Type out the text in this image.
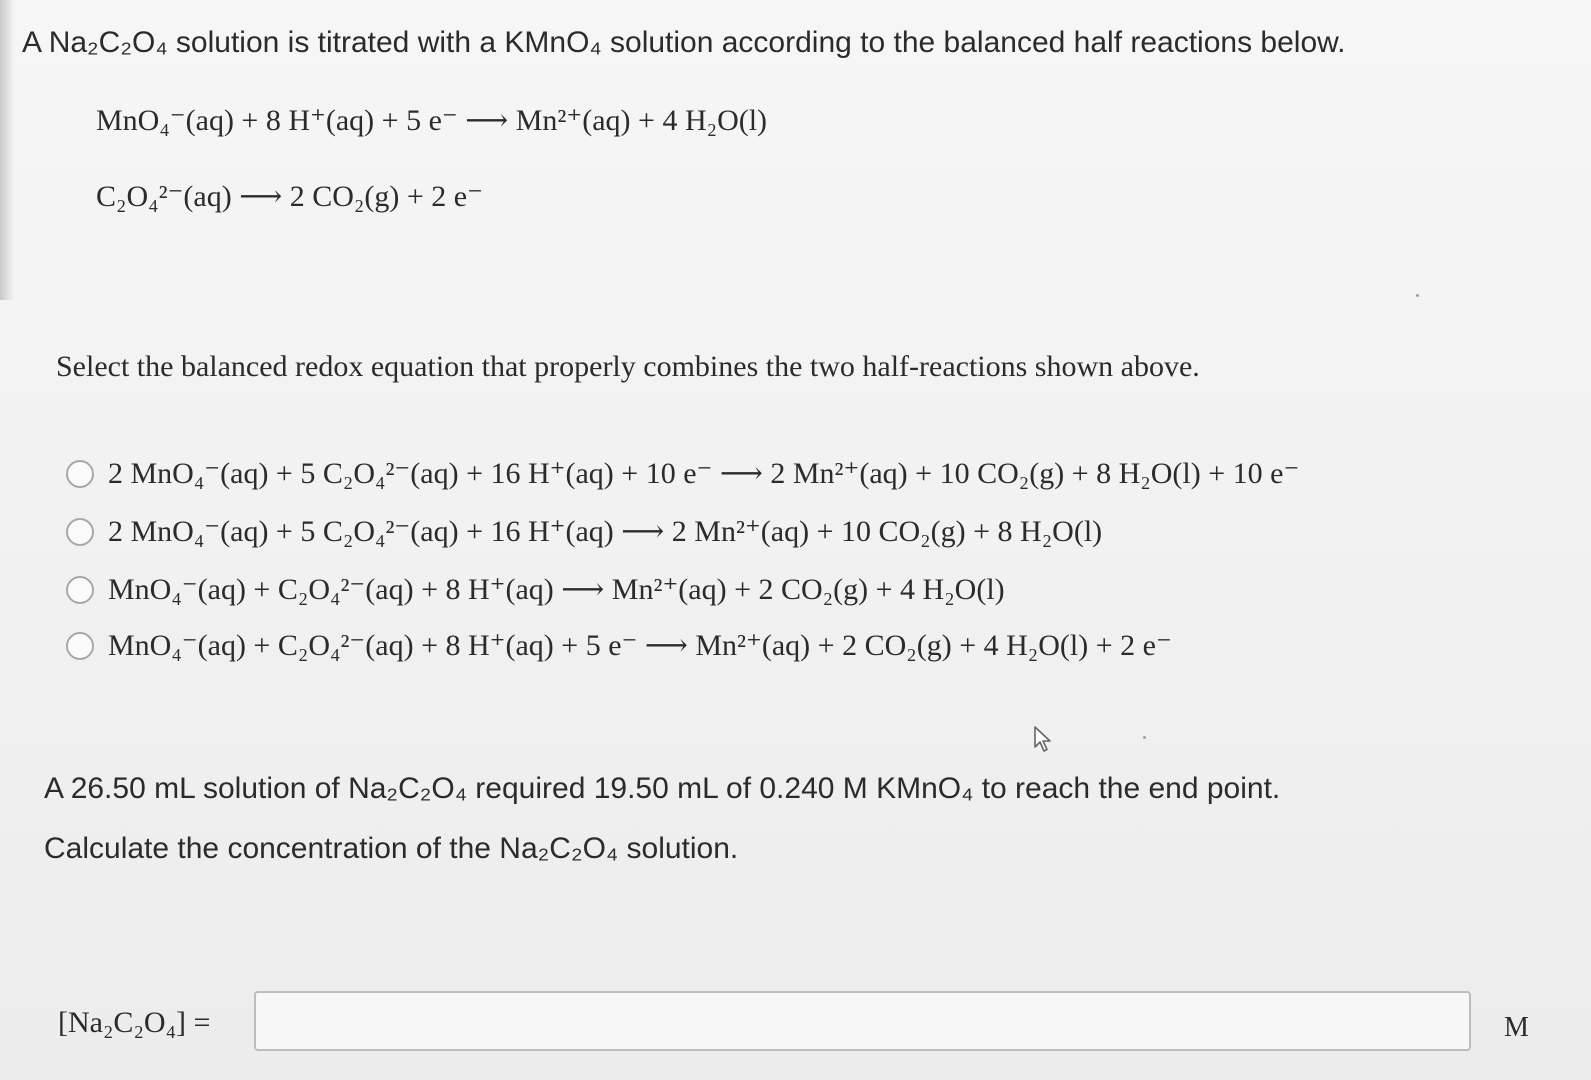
A Na₂C₂O₄ solution is titrated with a KMnO₄ solution according to the balanced half reactions below.
MnO₄⁻(aq) + 8 H⁺(aq) + 5 e⁻ ⟶ Mn²⁺(aq) + 4 H₂O(l)
C₂O₄²⁻(aq) ⟶ 2 CO₂(g) + 2 e⁻
Select the balanced redox equation that properly combines the two half-reactions shown above.
2 MnO₄⁻(aq) + 5 C₂O₄²⁻(aq) + 16 H⁺(aq) + 10 e⁻ ⟶ 2 Mn²⁺(aq) + 10 CO₂(g) + 8 H₂O(l) + 10 e⁻
2 MnO₄⁻(aq) + 5 C₂O₄²⁻(aq) + 16 H⁺(aq) ⟶ 2 Mn²⁺(aq) + 10 CO₂(g) + 8 H₂O(l)
MnO₄⁻(aq) + C₂O₄²⁻(aq) + 8 H⁺(aq) ⟶ Mn²⁺(aq) + 2 CO₂(g) + 4 H₂O(l)
MnO₄⁻(aq) + C₂O₄²⁻(aq) + 8 H⁺(aq) + 5 e⁻ ⟶ Mn²⁺(aq) + 2 CO₂(g) + 4 H₂O(l) + 2 e⁻
A 26.50 mL solution of Na₂C₂O₄ required 19.50 mL of 0.240 M KMnO₄ to reach the end point.
Calculate the concentration of the Na₂C₂O₄ solution.
[Na₂C₂O₄] =	M
